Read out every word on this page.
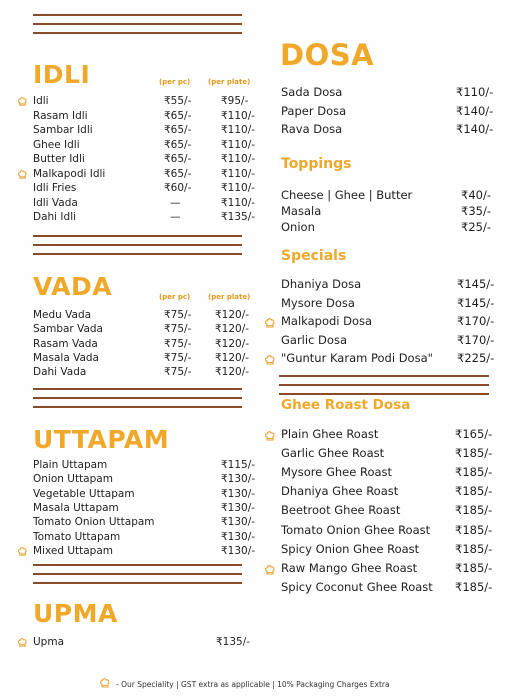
IDLI	(per pc)	(per plate)
Idli	₹55/-	₹95/-
Rasam Idli	₹65/-	₹110/-
Sambar Idli	₹65/-	₹110/-
Ghee Idli	₹65/-	₹110/-
Butter Idli	₹65/-	₹110/-
Malkapodi Idli	₹65/-	₹110/-
Idli Fries	₹60/-	₹110/-
Idli Vada	—	₹110/-
Dahi Idli	—	₹135/-
VADA	(per pc)	(per plate)
Medu Vada	₹75/- ₹120/-
Sambar Vada	₹75/- ₹120/-
Rasam Vada	₹75/- ₹120/-
Masala Vada	₹75/- ₹120/-
Dahi Vada	₹75/- ₹120/-
UTTAPAM
Plain Uttapam	₹115/-
Onion Uttapam	₹130/-
Vegetable Uttapam	₹130/-
Masala Uttapam	₹130/-
Tomato Onion Uttapam	₹130/-
Tomato Uttapam	₹130/-
Mixed Uttapam	₹130/-
UPMA
Upma	₹135/-
DOSA
Sada Dosa	₹110/-
Paper Dosa	₹140/-
Rava Dosa	₹140/-
Toppings
Cheese | Ghee | Butter	₹40/-
Masala	₹35/-
Onion	₹25/-
Specials
Dhaniya Dosa	₹145/-
Mysore Dosa	₹145/-
Malkapodi Dosa	₹170/-
Garlic Dosa	₹170/-
"Guntur Karam Podi Dosa" ₹225/-
Ghee Roast Dosa
Plain Ghee Roast	₹165/-
Garlic Ghee Roast	₹185/-
Mysore Ghee Roast	₹185/-
Dhaniya Ghee Roast	₹185/-
Beetroot Ghee Roast	₹185/-
Tomato Onion Ghee Roast ₹185/-
Spicy Onion Ghee Roast	₹185/-
Raw Mango Ghee Roast	₹185/-
Spicy Coconut Ghee Roast ₹185/-
- Our Speciality | GST extra as applicable | 10% Packaging Charges Extra
